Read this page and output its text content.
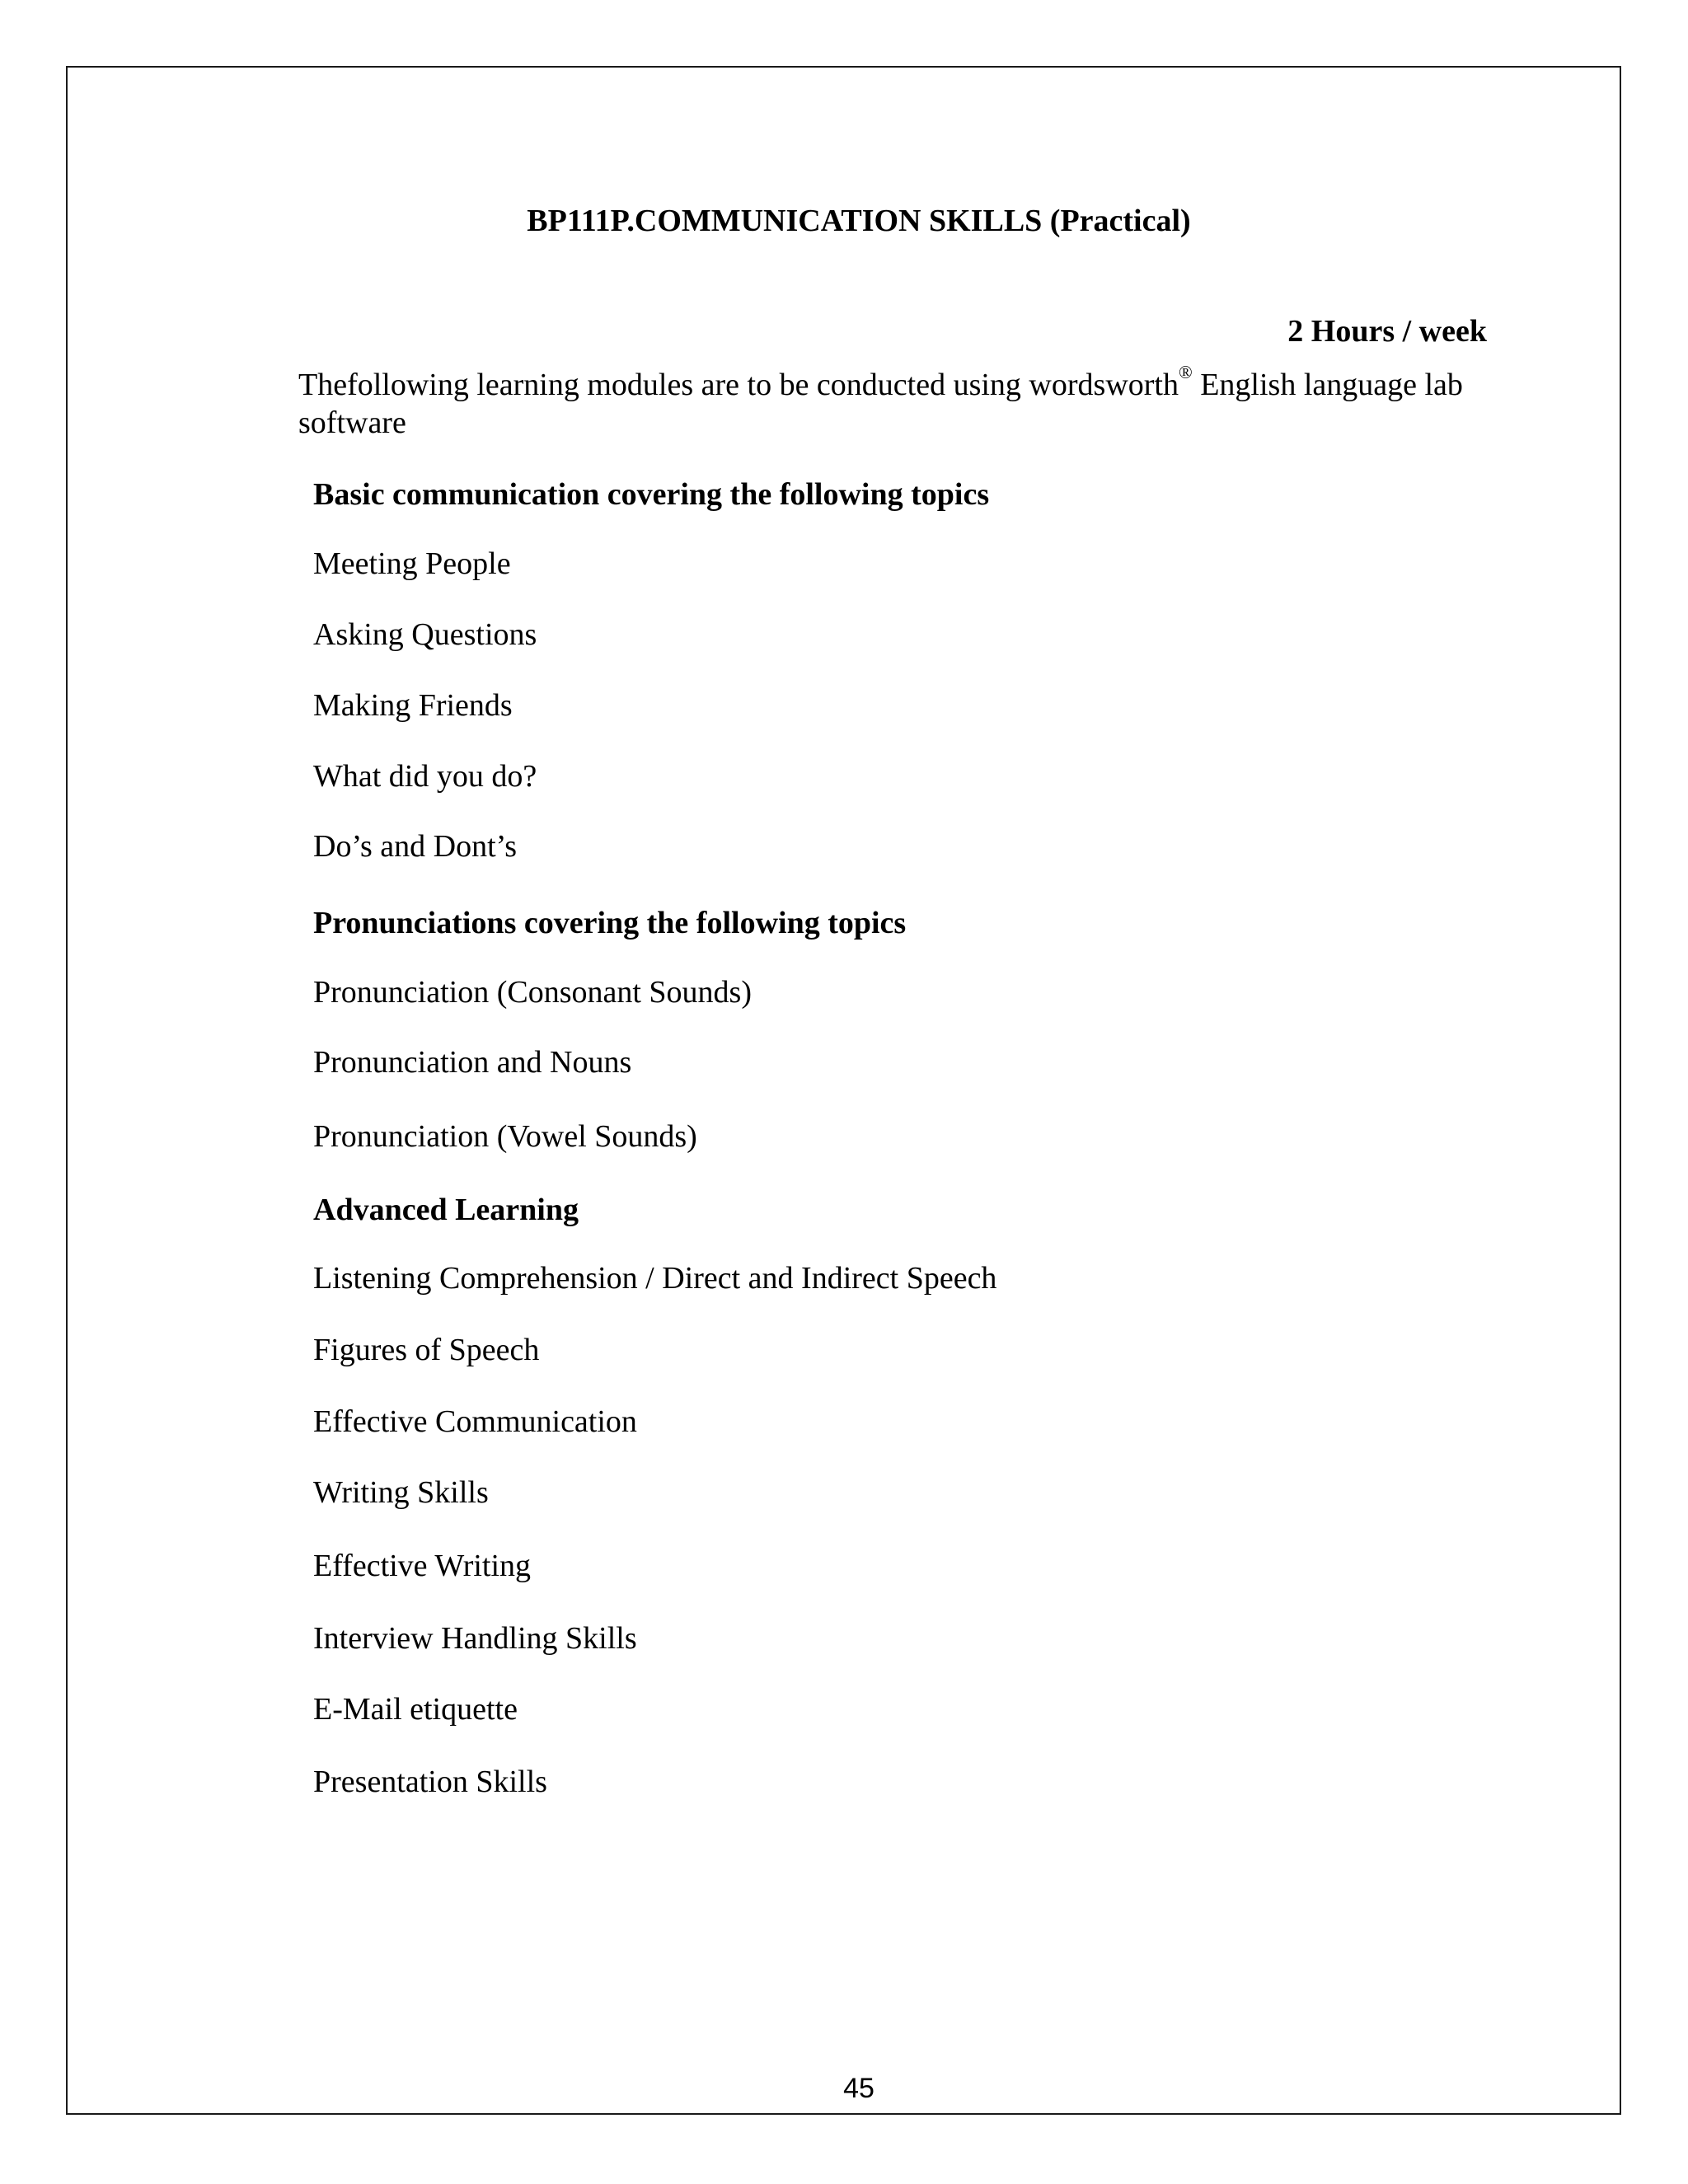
BP111P.COMMUNICATION SKILLS (Practical)
2 Hours / week

Thefollowing learning modules are to be conducted using wordsworth® English language lab software

Basic communication covering the following topics
Meeting People
Asking Questions
Making Friends
What did you do?
Do’s and Dont’s
Pronunciations covering the following topics
Pronunciation (Consonant Sounds)
Pronunciation and Nouns
Pronunciation (Vowel Sounds)
Advanced Learning
Listening Comprehension / Direct and Indirect Speech
Figures of Speech
Effective Communication
Writing Skills
Effective Writing
Interview Handling Skills
E-Mail etiquette
Presentation Skills
45
